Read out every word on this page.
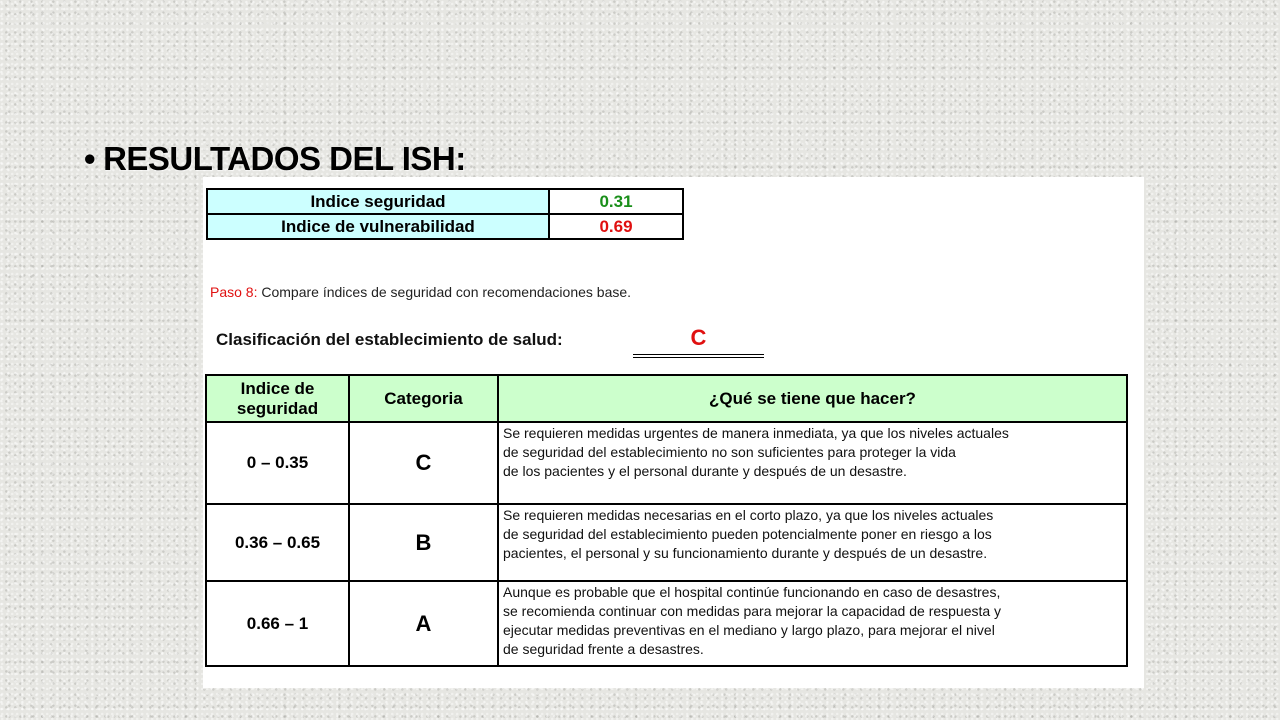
• RESULTADOS DEL ISH:
Indice seguridad	0.31
Indice de vulnerabilidad	0.69
Paso 8: Compare índices de seguridad con recomendaciones base.
Clasificación del establecimiento de salud:	C
Indice de seguridad	Categoria	¿Qué se tiene que hacer?
0 – 0.35	C	Se requieren medidas urgentes de manera inmediata, ya que los niveles actuales
de seguridad del establecimiento no son suficientes para proteger la vida
de los pacientes y el personal durante y después de un desastre.

0.36 – 0.65	B	Se requieren medidas necesarias en el corto plazo, ya que los niveles actuales
de seguridad del establecimiento pueden potencialmente poner en riesgo a los
pacientes, el personal y su funcionamiento durante y después de un desastre.

0.66 – 1	A	Aunque es probable que el hospital continúe funcionando en caso de desastres,
se recomienda continuar con medidas para mejorar la capacidad de respuesta y
ejecutar medidas preventivas en el mediano y largo plazo, para mejorar el nivel
de seguridad frente a desastres.
